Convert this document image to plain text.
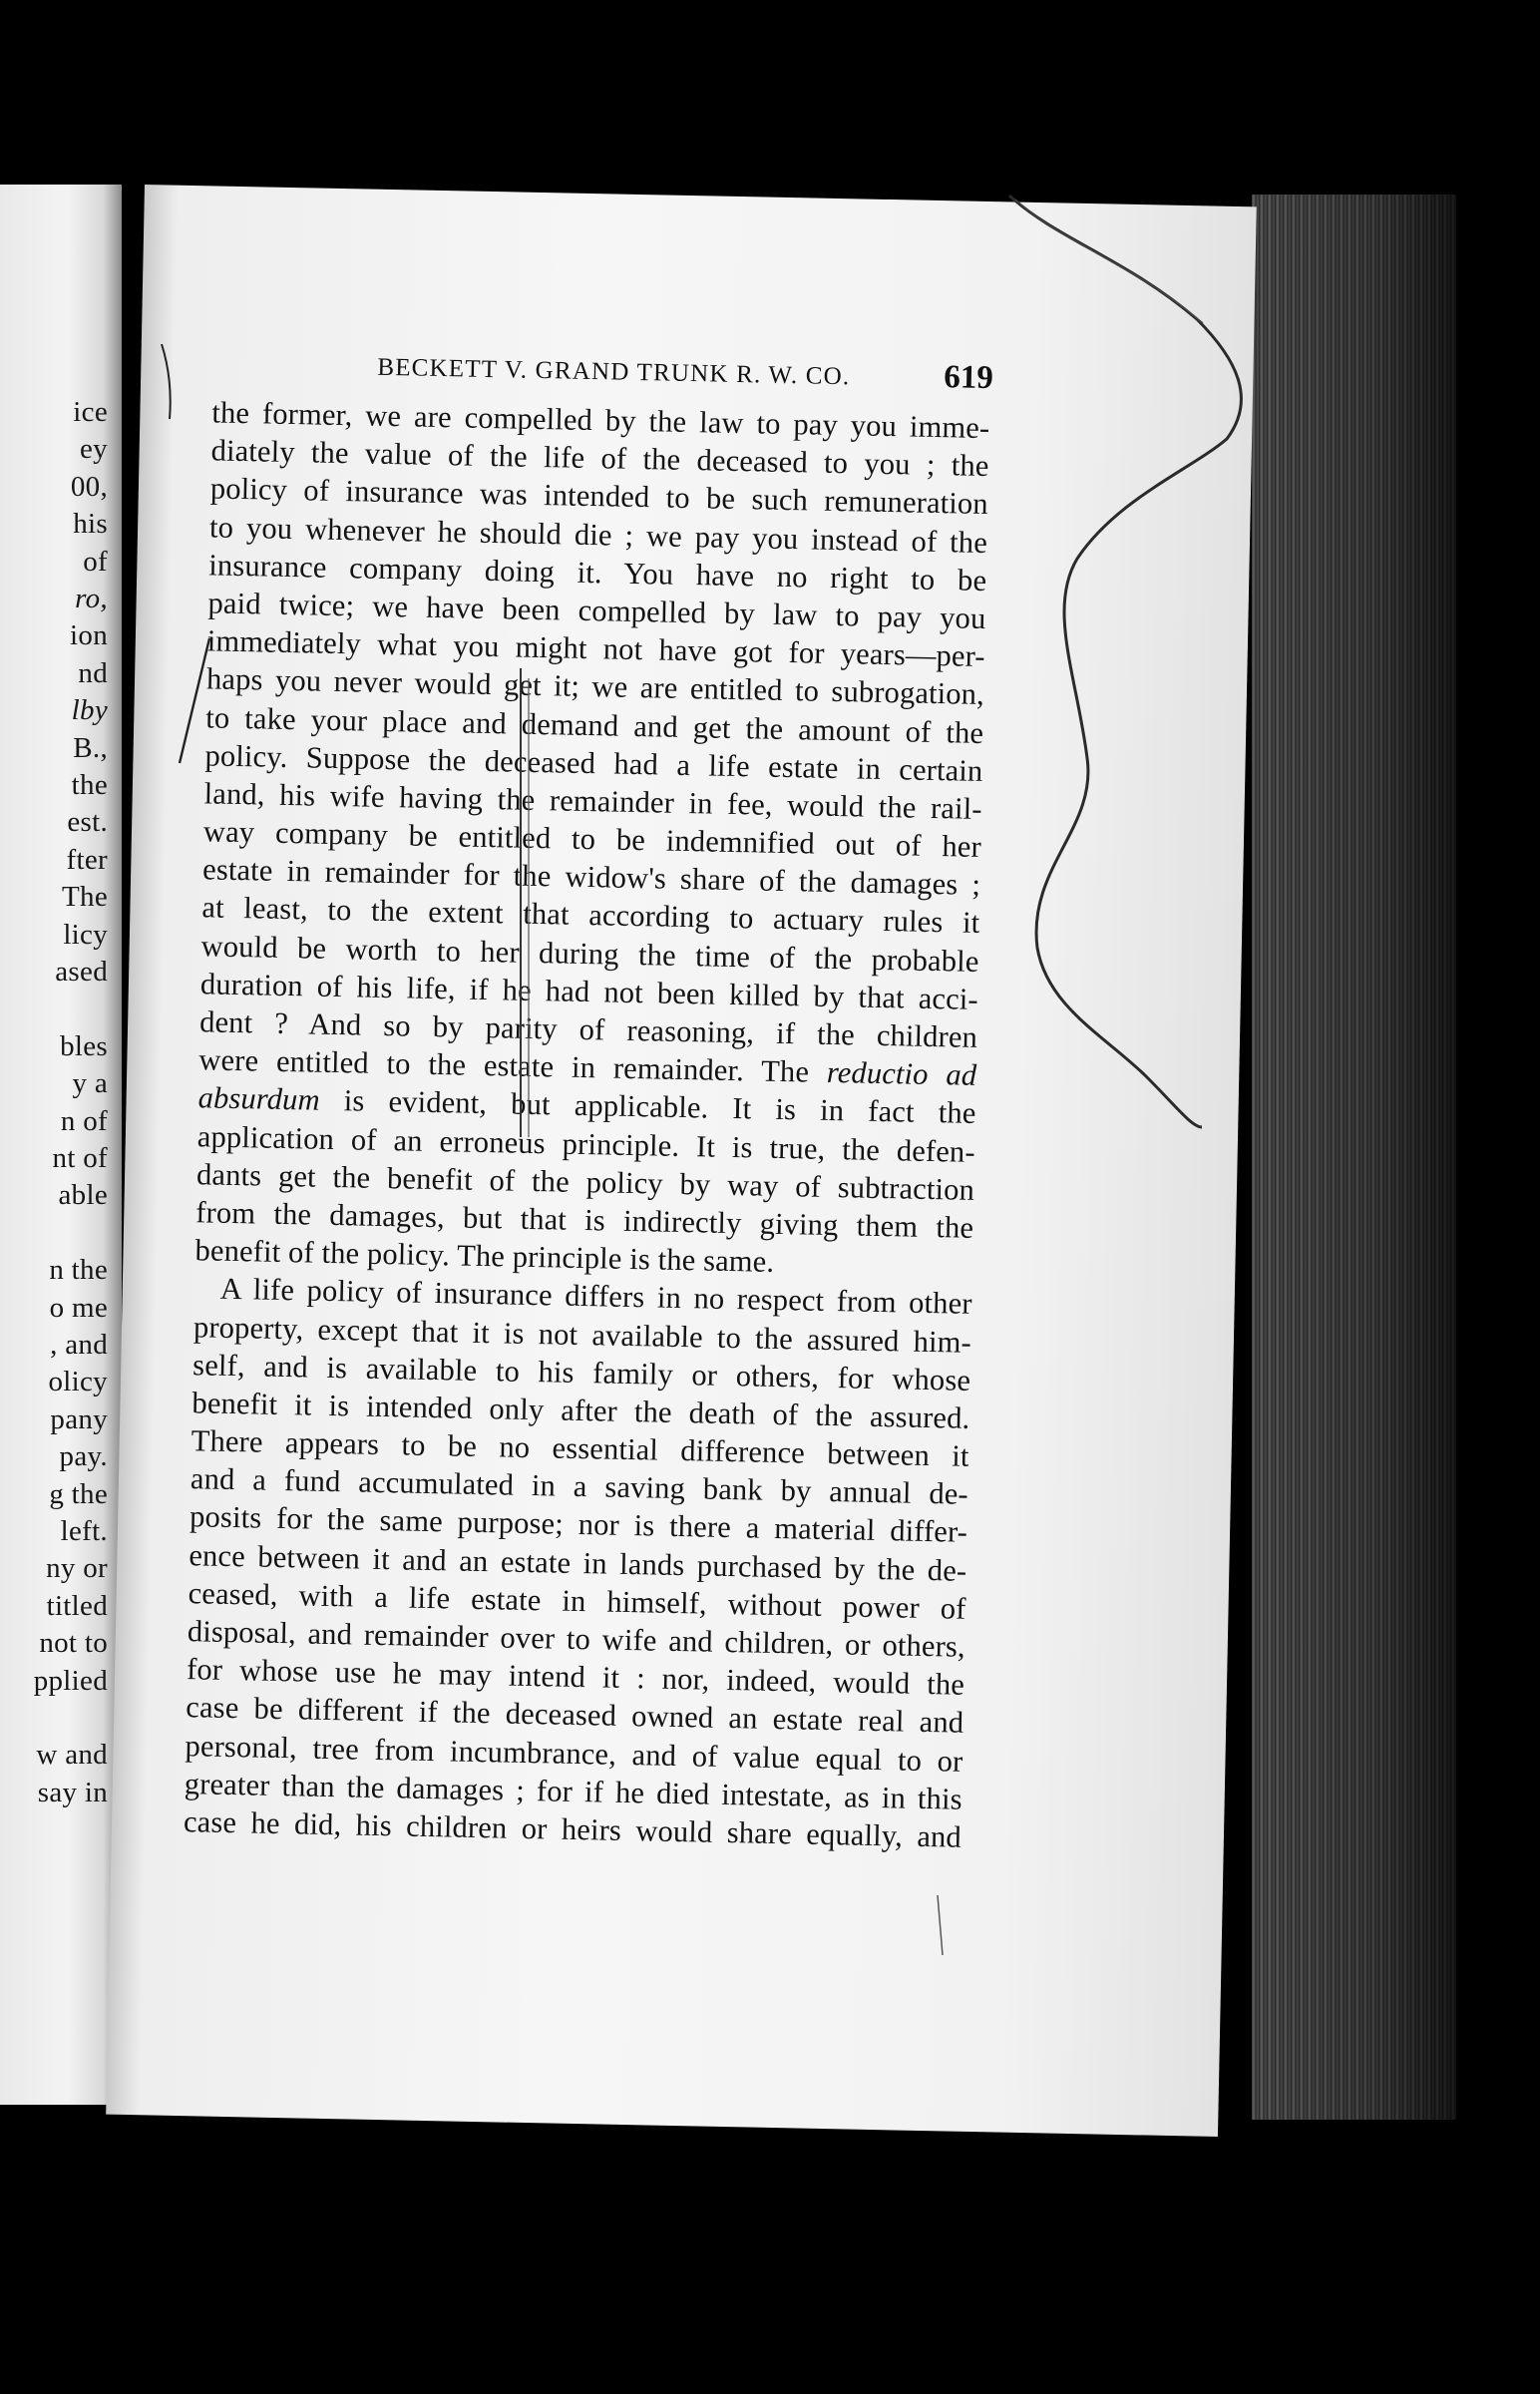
ice
ey
00,
his
of
ro,
ion
nd
lby
B.,
the
est.
fter
The
licy
ased
bles
y a
n of
nt of
able
n the
o me
, and
olicy
pany
pay.
g the
left.
ny or
titled
not to
pplied
w and
say in
BECKETT V. GRAND TRUNK R. W. CO.	619
the former, we are compelled by the law to pay you imme-
diately the value of the life of the deceased to you ; the
policy of insurance was intended to be such remuneration
to you whenever he should die ; we pay you instead of the
insurance company doing it. You have no right to be
paid twice; we have been compelled by law to pay you
immediately what you might not have got for years—per-
haps you never would get it; we are entitled to subrogation,
to take your place and demand and get the amount of the
policy. Suppose the deceased had a life estate in certain
land, his wife having the remainder in fee, would the rail-
way company be entitled to be indemnified out of her
estate in remainder for the widow's share of the damages ;
at least, to the extent that according to actuary rules it
would be worth to her during the time of the probable
duration of his life, if he had not been killed by that acci-
dent ? And so by parity of reasoning, if the children
were entitled to the estate in remainder. The reductio ad
absurdum is evident, but applicable. It is in fact the
application of an erroneus principle. It is true, the defen-
dants get the benefit of the policy by way of subtraction
from the damages, but that is indirectly giving them the
benefit of the policy. The principle is the same.
A life policy of insurance differs in no respect from other
property, except that it is not available to the assured him-
self, and is available to his family or others, for whose
benefit it is intended only after the death of the assured.
There appears to be no essential difference between it
and a fund accumulated in a saving bank by annual de-
posits for the same purpose; nor is there a material differ-
ence between it and an estate in lands purchased by the de-
ceased, with a life estate in himself, without power of
disposal, and remainder over to wife and children, or others,
for whose use he may intend it : nor, indeed, would the
case be different if the deceased owned an estate real and
personal, tree from incumbrance, and of value equal to or
greater than the damages ; for if he died intestate, as in this
case he did, his children or heirs would share equally, and
